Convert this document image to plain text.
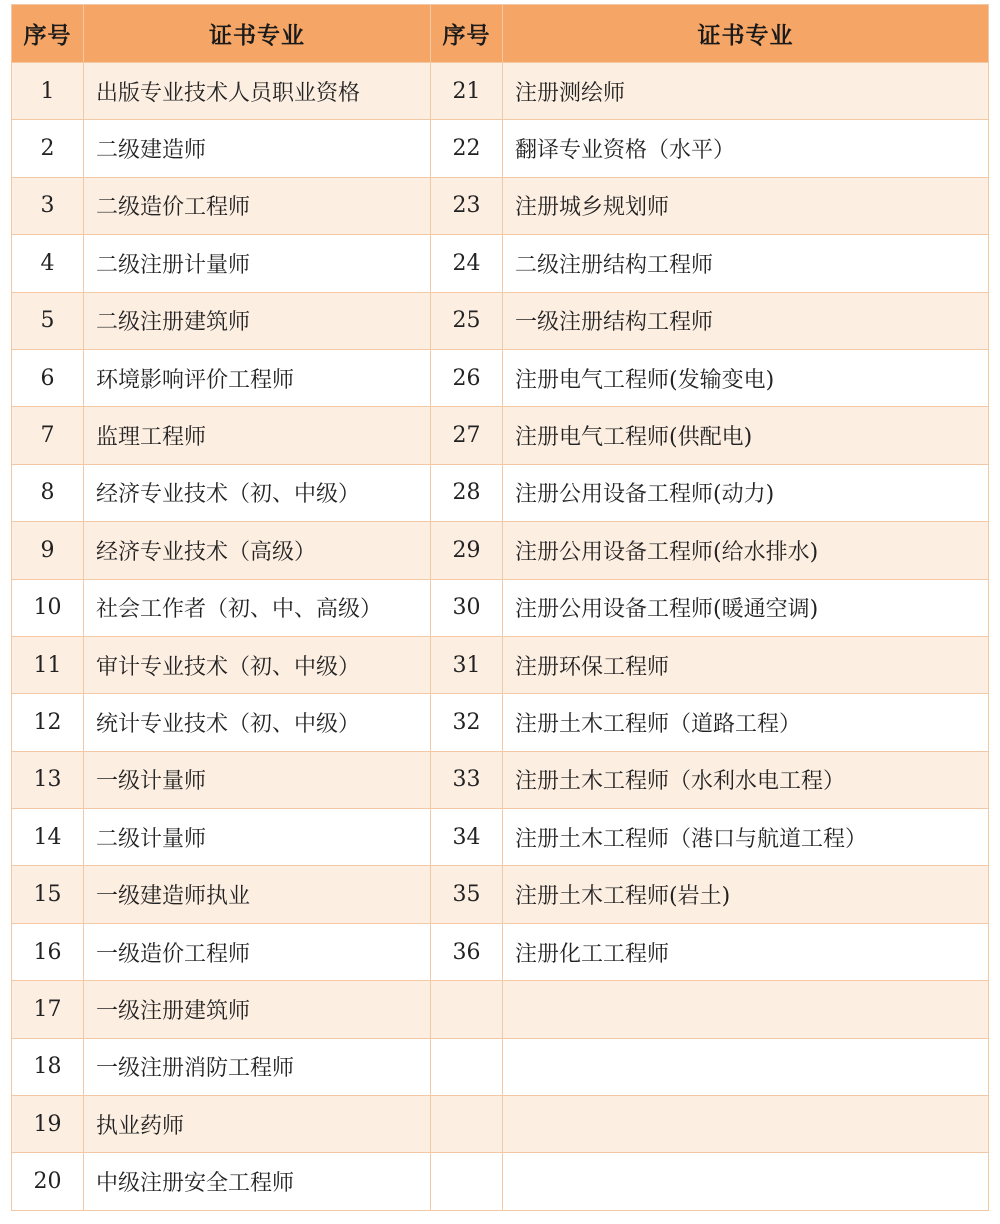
序号	证书专业	序号	证书专业
1	出版专业技术人员职业资格	21	注册测绘师
2	二级建造师	22	翻译专业资格（水平）
3	二级造价工程师	23	注册城乡规划师
4	二级注册计量师	24	二级注册结构工程师
5	二级注册建筑师	25	一级注册结构工程师
6	环境影响评价工程师	26	注册电气工程师(发输变电)
7	监理工程师	27	注册电气工程师(供配电)
8	经济专业技术（初、中级）	28	注册公用设备工程师(动力)
9	经济专业技术（高级）	29	注册公用设备工程师(给水排水)
10	社会工作者（初、中、高级）	30	注册公用设备工程师(暖通空调)
11	审计专业技术（初、中级）	31	注册环保工程师
12	统计专业技术（初、中级）	32	注册土木工程师（道路工程）
13	一级计量师	33	注册土木工程师（水利水电工程）
14	二级计量师	34	注册土木工程师（港口与航道工程）
15	一级建造师执业	35	注册土木工程师(岩土)
16	一级造价工程师	36	注册化工工程师
17	一级注册建筑师		
18	一级注册消防工程师		
19	执业药师		
20	中级注册安全工程师		
